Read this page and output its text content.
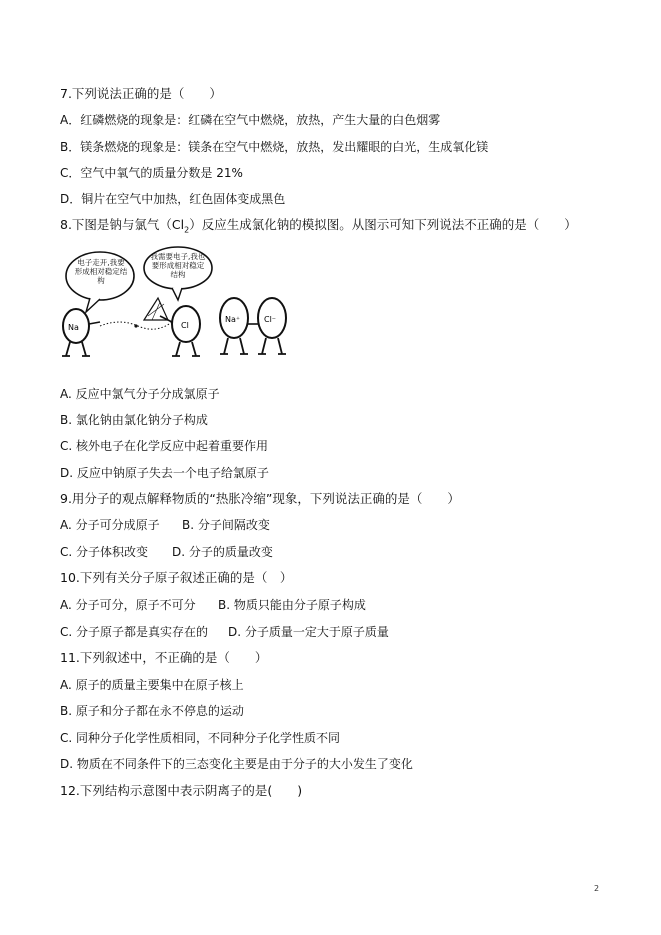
7.下列说法正确的是（　　）
A．红磷燃烧的现象是：红磷在空气中燃烧，放热，产生大量的白色烟雾
B．镁条燃烧的现象是：镁条在空气中燃烧，放热，发出耀眼的白光，生成氧化镁
C．空气中氧气的质量分数是 21%
D．铜片在空气中加热，红色固体变成黑色
8.下图是钠与氯气$(Cl_2)$反应生成氯化钠的模拟图。从图示可知下列说法不正确的是（　　）
电子走开,我要形成相对稳定结构
我需要电子,我也要形成相对稳定结构
Na	Cl
Na⁺	Cl⁻
A. 反应中氯气分子分成氯原子
B. 氯化钠由氯化钠分子构成
C. 核外电子在化学反应中起着重要作用
D. 反应中钠原子失去一个电子给氯原子
9.用分子的观点解释物质的“热胀冷缩”现象，下列说法正确的是（　　）
A. 分子可分成原子 B. 分子间隔改变
C. 分子体积改变 D. 分子的质量改变
10.下列有关分子原子叙述正确的是（　）
A. 分子可分，原子不可分 B. 物质只能由分子原子构成
C. 分子原子都是真实存在的 D. 分子质量一定大于原子质量
11.下列叙述中，不正确的是（　　）
A. 原子的质量主要集中在原子核上
B. 原子和分子都在永不停息的运动
C. 同种分子化学性质相同，不同种分子化学性质不同
D. 物质在不同条件下的三态变化主要是由于分子的大小发生了变化
12.下列结构示意图中表示阴离子的是(　　)
2
